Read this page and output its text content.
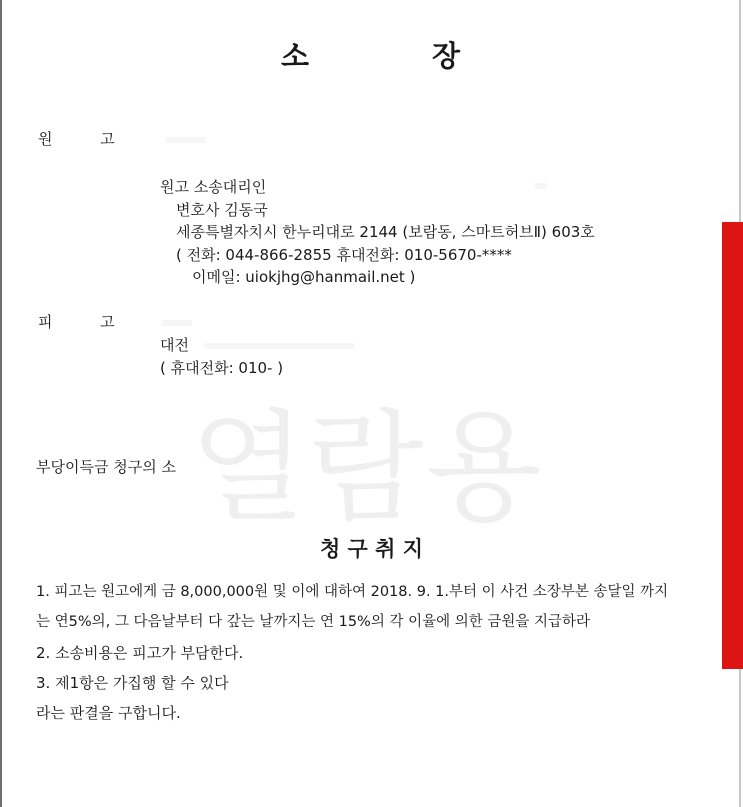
열람용
소          장
원          고
원고 소송대리인
변호사 김동국
세종특별자치시 한누리대로 2144 (보람동, 스마트허브Ⅱ) 603호
( 전화: 044-866-2855 휴대전화: 010-5670-****
이메일: uiokjhg@hanmail.net )
피          고
대전
( 휴대전화: 010- )
부당이득금 청구의 소
청 구 취 지
1. 피고는 원고에게 금 8,000,000원 및 이에 대하여 2018. 9. 1.부터 이 사건 소장부본 송달일 까지
는 연5%의, 그 다음날부터 다 갚는 날까지는 연 15%의 각 이율에 의한 금원을 지급하라
2. 소송비용은 피고가 부담한다.
3. 제1항은 가집행 할 수 있다
라는 판결을 구합니다.
